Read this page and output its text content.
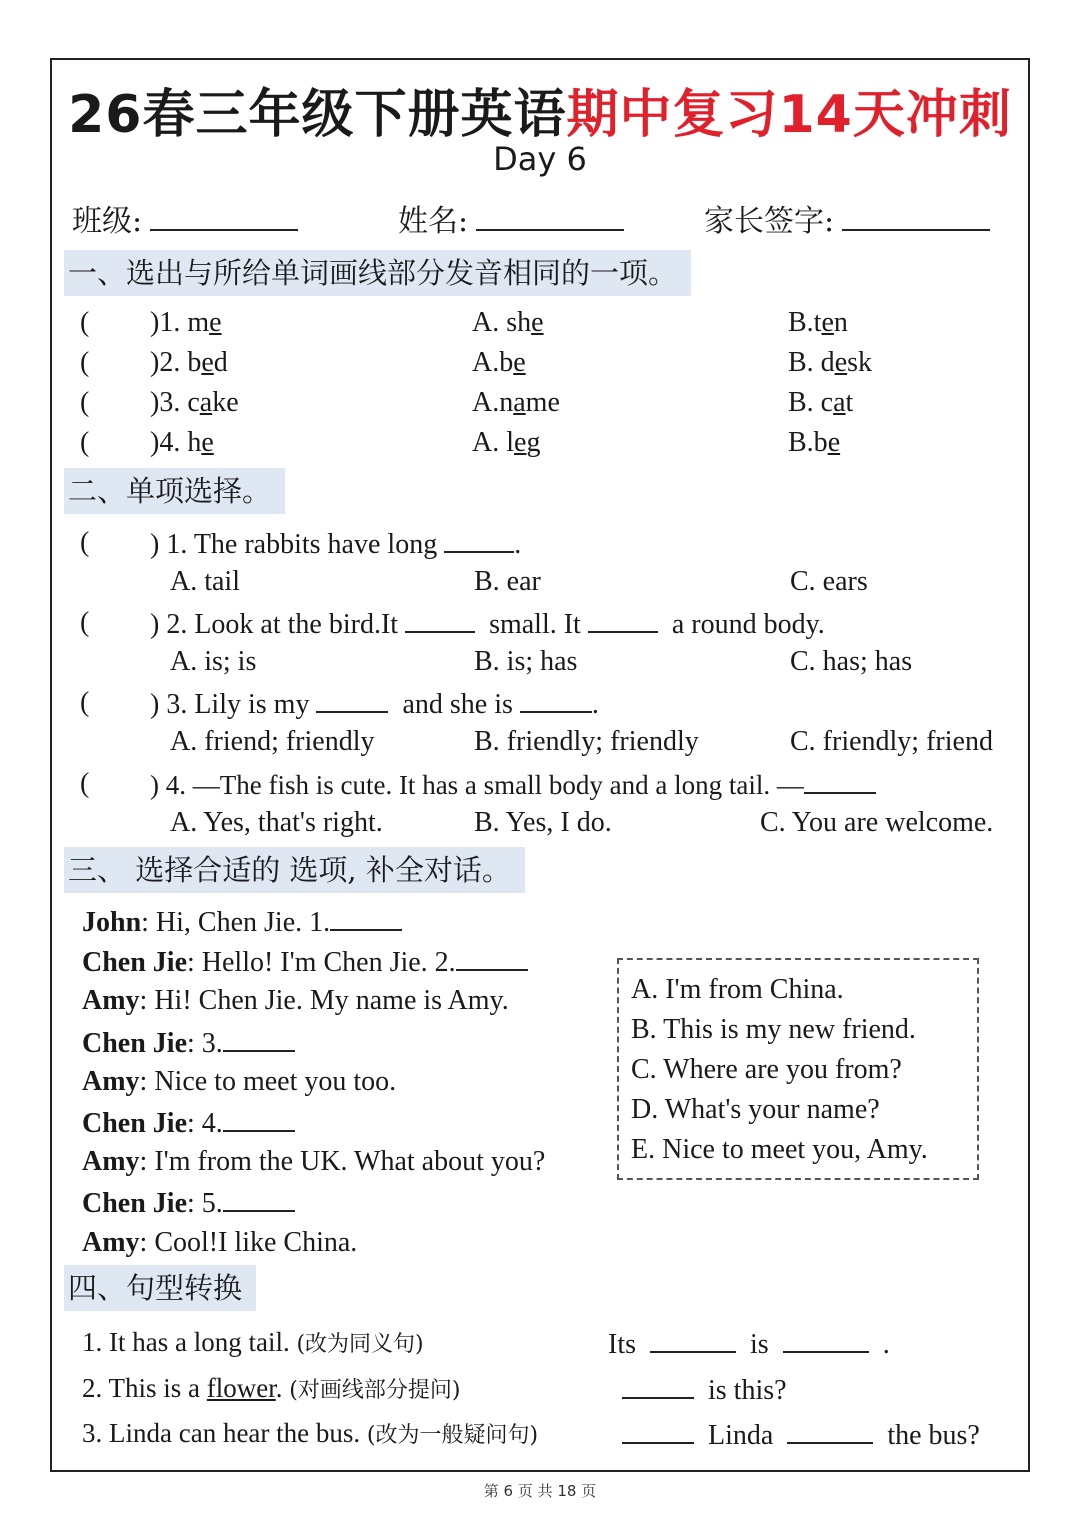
26春三年级下册英语期中复习14天冲刺
Day 6
班级:	姓名:	家长签字:
一、选出与所给单词画线部分发音相同的一项。
( )1. me	A. she	B.ten
( )2. bed	A.be	B. desk
( )3. cake	A.name	B. cat
( )4. he	A. leg	B.be
二、单项选择。
( ) 1. The rabbits have long	.
A. tail	B. ear	C. ears
( ) 2. Look at the bird.It	small. It	a round body.
A. is; is	B. is; has	C. has; has
( ) 3. Lily is my	and she is	.
A. friend; friendly	B. friendly; friendly	C. friendly; friend
( ) 4. —The fish is cute. It has a small body and a long tail. —
A. Yes, that's right.	B. Yes, I do.	C. You are welcome.
三、 选择合适的 选项, 补全对话。
John: Hi, Chen Jie. 1.
Chen Jie: Hello! I'm Chen Jie. 2.
Amy: Hi! Chen Jie. My name is Amy.
Chen Jie: 3.
Amy: Nice to meet you too.
Chen Jie: 4.
Amy: I'm from the UK. What about you?
Chen Jie: 5.
Amy: Cool!I like China.
A. I'm from China.
B. This is my new friend.
C. Where are you from?
D. What's your name?
E. Nice to meet you, Amy.
四、句型转换
1. It has a long tail. (改为同义句)	Its	is	.
2. This is a flower. (对画线部分提问)	is this?
3. Linda can hear the bus. (改为一般疑问句)	Linda	the bus?
第 6 页 共 18 页
